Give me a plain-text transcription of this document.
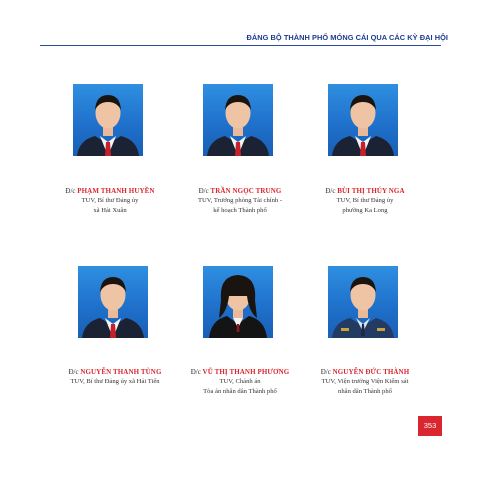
ĐẢNG BỘ THÀNH PHỐ MÓNG CÁI QUA CÁC KỲ ĐẠI HỘI
Đ/c PHẠM THANH HUYỀN
TUV, Bí thư Đảng ủy
xã Hải Xuân
Đ/c TRẦN NGỌC TRUNG
TUV, Trưởng phòng Tài chính -
kế hoạch Thành phố
Đ/c BÙI THỊ THÚY NGA
TUV, Bí thư Đảng ủy
phường Ka Long
Đ/c NGUYỄN THANH TÙNG
TUV, Bí thư Đảng ủy xã Hải Tiến
Đ/c VŨ THỊ THANH PHƯƠNG
TUV, Chánh án
Tòa án nhân dân Thành phố
Đ/c NGUYỄN ĐỨC THÀNH
TUV, Viện trưởng Viện Kiểm sát
nhân dân Thành phố
353
